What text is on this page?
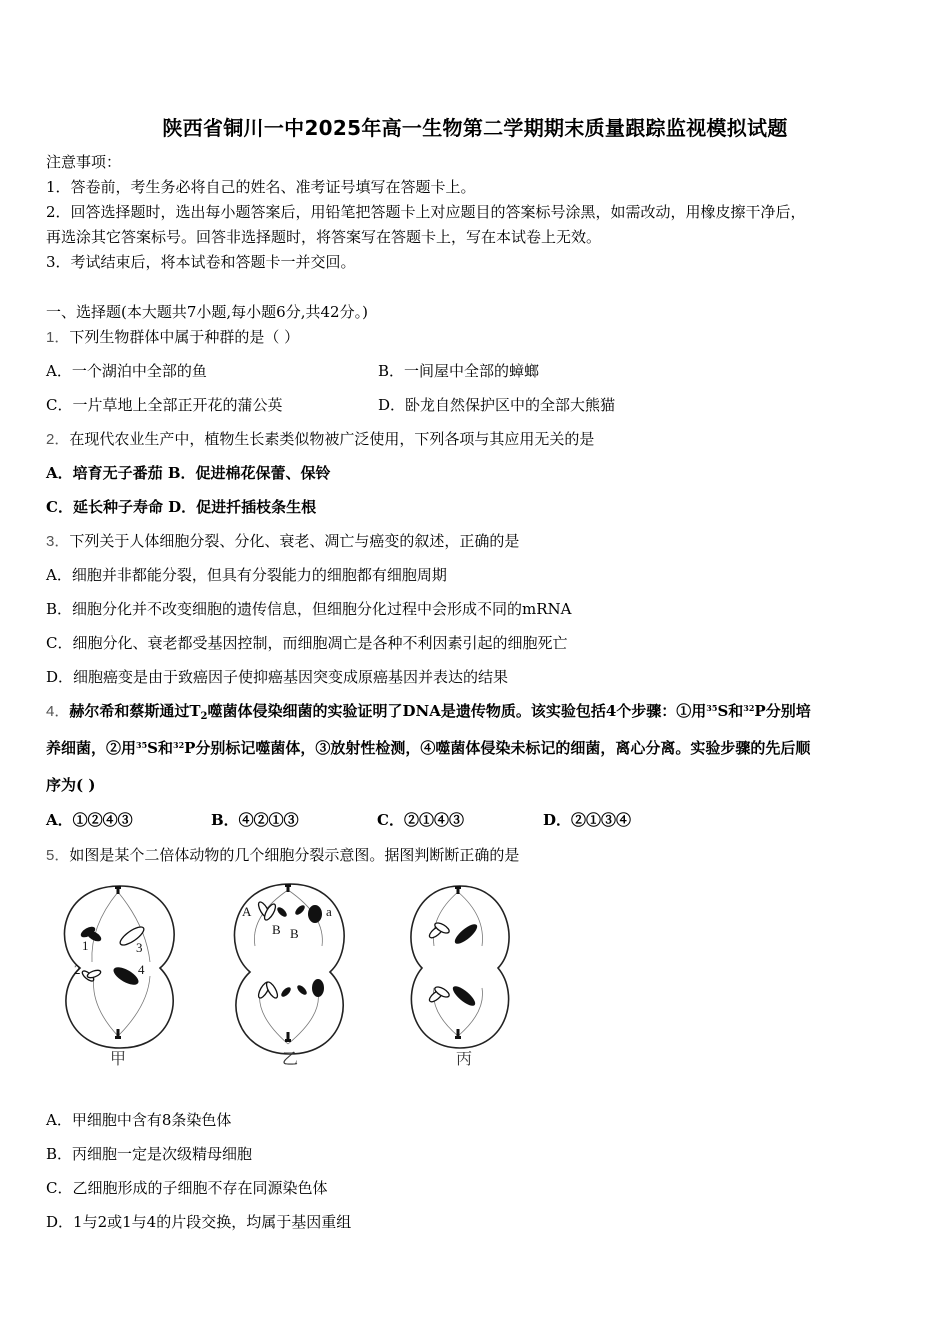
陕西省铜川一中2025年高一生物第二学期期末质量跟踪监视模拟试题
注意事项：
1．答卷前，考生务必将自己的姓名、准考证号填写在答题卡上。
2．回答选择题时，选出每小题答案后，用铅笔把答题卡上对应题目的答案标号涂黑，如需改动，用橡皮擦干净后，
再选涂其它答案标号。回答非选择题时，将答案写在答题卡上，写在本试卷上无效。
3．考试结束后，将本试卷和答题卡一并交回。
一、选择题(本大题共7小题,每小题6分,共42分。)
1．下列生物群体中属于种群的是（ ）
A．一个湖泊中全部的鱼	B．一间屋中全部的蟑螂
C．一片草地上全部正开花的蒲公英	D．卧龙自然保护区中的全部大熊猫
2．在现代农业生产中，植物生长素类似物被广泛使用，下列各项与其应用无关的是
A．培育无子番茄 B．促进棉花保蕾、保铃
C．延长种子寿命 D．促进扦插枝条生根
3．下列关于人体细胞分裂、分化、衰老、凋亡与癌变的叙述，正确的是
A．细胞并非都能分裂，但具有分裂能力的细胞都有细胞周期
B．细胞分化并不改变细胞的遗传信息，但细胞分化过程中会形成不同的mRNA
C．细胞分化、衰老都受基因控制，而细胞凋亡是各种不利因素引起的细胞死亡
D．细胞癌变是由于致癌因子使抑癌基因突变成原癌基因并表达的结果
4．赫尔希和蔡斯通过$T_2$噬菌体侵染细菌的实验证明了DNA是遗传物质。该实验包括4个步骤：①用$^{35}$S和$^{32}$P分别培
养细菌，②用$^{35}$S和$^{32}$P分别标记噬菌体，③放射性检测，④噬菌体侵染未标记的细菌，离心分离。实验步骤的先后顺
序为( )
A．①②④③	B．④②①③	C．②①④③	D．②①③④
5．如图是某个二倍体动物的几个细胞分裂示意图。据图判断断正确的是
1
2
3
4
A
B B
a
甲	乙	丙
A．甲细胞中含有8条染色体
B．丙细胞一定是次级精母细胞
C．乙细胞形成的子细胞不存在同源染色体
D．1与2或1与4的片段交换，均属于基因重组
